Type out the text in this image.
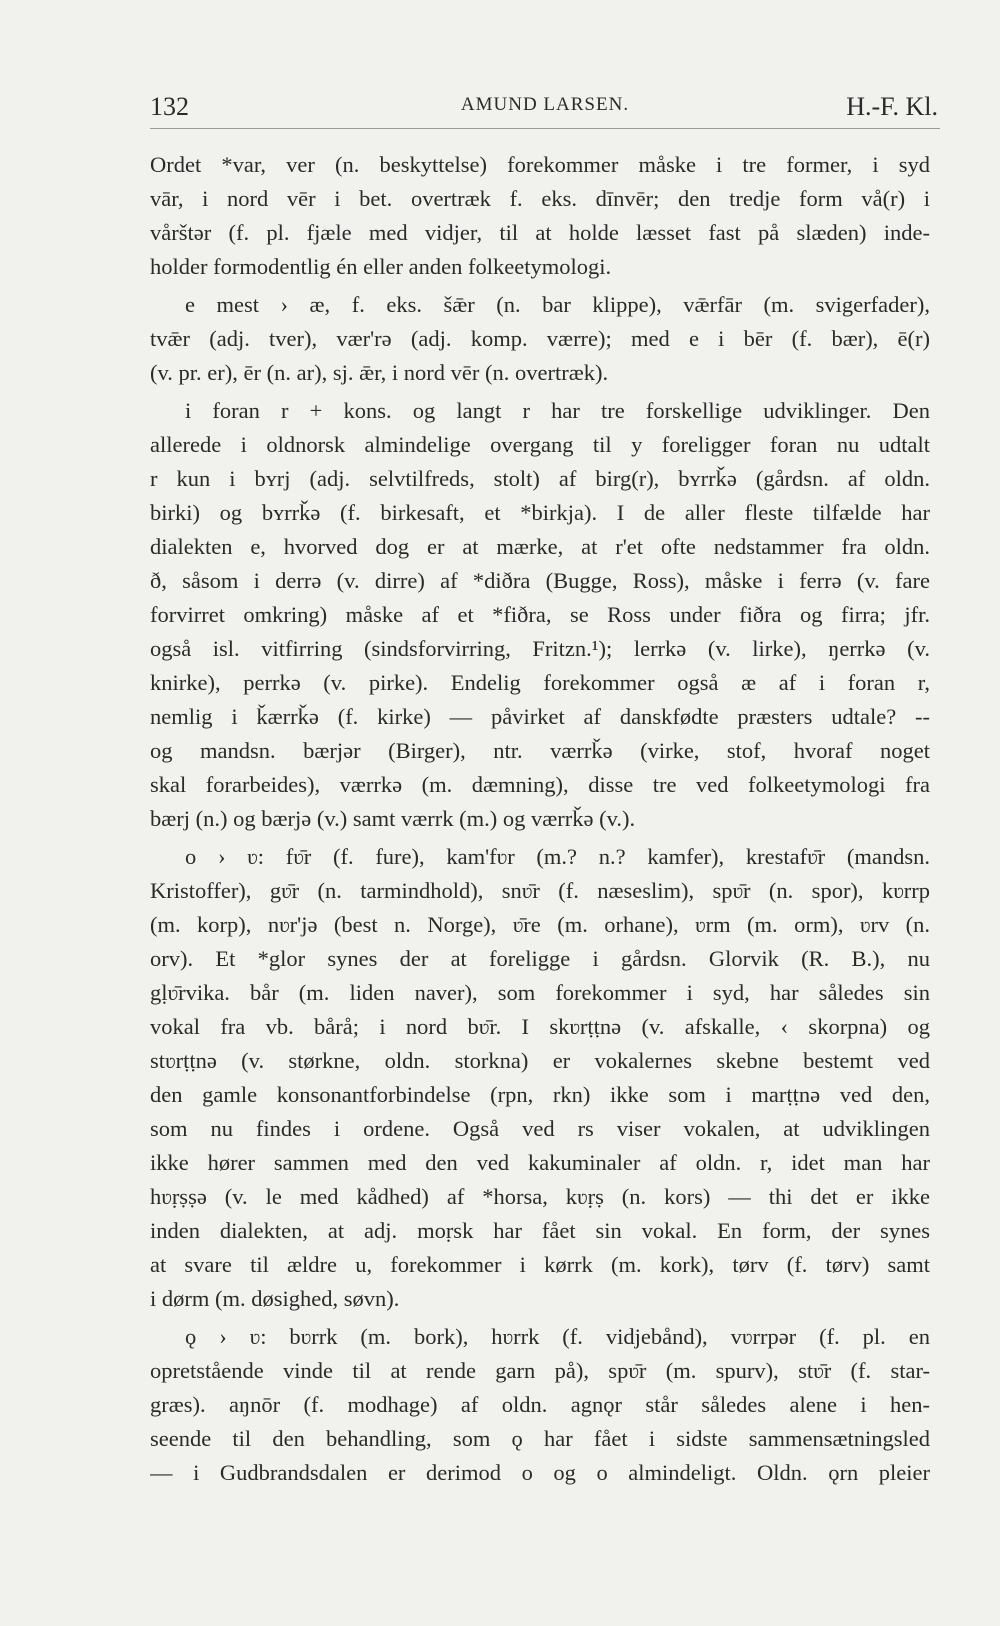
132	AMUND LARSEN.	H.-F. Kl.
Ordet *var, ver (n. beskyttelse) forekommer måske i tre former, i syd
vār, i nord vēr i bet. overtræk f. eks. dīnvēr; den tredje form vå(r) i
vårštər (f. pl. fjæle med vidjer, til at holde læsset fast på slæden) inde-
holder formodentlig én eller anden folkeetymologi.
e mest › æ, f. eks. šǣr (n. bar klippe), vǣrfār (m. svigerfader),
tvǣr (adj. tver), vær'rə (adj. komp. værre); med e i bēr (f. bær), ē(r)
(v. pr. er), ēr (n. ar), sj. ǣr, i nord vēr (n. overtræk).
i foran r + kons. og langt r har tre forskellige udviklinger. Den
allerede i oldnorsk almindelige overgang til y foreligger foran nu udtalt
r kun i bʏrj (adj. selvtilfreds, stolt) af birg(r), bʏrrǩə (gårdsn. af oldn.
birki) og bʏrrǩə (f. birkesaft, et *birkja). I de aller fleste tilfælde har
dialekten e, hvorved dog er at mærke, at r'et ofte nedstammer fra oldn.
ð, såsom i derrə (v. dirre) af *diðra (Bugge, Ross), måske i ferrə (v. fare
forvirret omkring) måske af et *fiðra, se Ross under fiðra og firra; jfr.
også isl. vitfirring (sindsforvirring, Fritzn.¹); lerrkə (v. lirke), ŋerrkə (v.
knirke), perrkə (v. pirke). Endelig forekommer også æ af i foran r,
nemlig i ǩærrǩə (f. kirke) — påvirket af danskfødte præsters udtale? --
og mandsn. bærjər (Birger), ntr. værrǩə (virke, stof, hvoraf noget
skal forarbeides), værrkə (m. dæmning), disse tre ved folkeetymologi fra
bærj (n.) og bærjə (v.) samt værrk (m.) og værrǩə (v.).
o › ʋ: fʋ̄r (f. fure), kam'fʋr (m.? n.? kamfer), krestafʋ̄r (mandsn.
Kristoffer), gʋ̄r (n. tarmindhold), snʋ̄r (f. næseslim), spʋ̄r (n. spor), kʋrrp
(m. korp), nʋr'jə (best n. Norge), ʋ̄re (m. orhane), ʋrm (m. orm), ʋrv (n.
orv). Et *glor synes der at foreligge i gårdsn. Glorvik (R. B.), nu
gḷʋ̄rvika. bår (m. liden naver), som forekommer i syd, har således sin
vokal fra vb. bårå; i nord bʋ̄r. I skʋrṭṭnə (v. afskalle, ‹ skorpna) og
stʋrṭṭnə (v. størkne, oldn. storkna) er vokalernes skebne bestemt ved
den gamle konsonantforbindelse (rpn, rkn) ikke som i marṭṭnə ved den,
som nu findes i ordene. Også ved rs viser vokalen, at udviklingen
ikke hører sammen med den ved kakuminaler af oldn. r, idet man har
hʋṛṣṣə (v. le med kådhed) af *horsa, kʋṛṣ (n. kors) — thi det er ikke
inden dialekten, at adj. moṛsk har fået sin vokal. En form, der synes
at svare til ældre u, forekommer i kørrk (m. kork), tørv (f. tørv) samt
i dørm (m. døsighed, søvn).
ǫ › ʋ: bʋrrk (m. bork), hʋrrk (f. vidjebånd), vʋrrpər (f. pl. en
opretstående vinde til at rende garn på), spʋ̄r (m. spurv), stʋ̄r (f. star-
græs). aŋnōr (f. modhage) af oldn. agnǫr står således alene i hen-
seende til den behandling, som ǫ har fået i sidste sammensætningsled
— i Gudbrandsdalen er derimod o og o almindeligt. Oldn. ǫrn pleier
